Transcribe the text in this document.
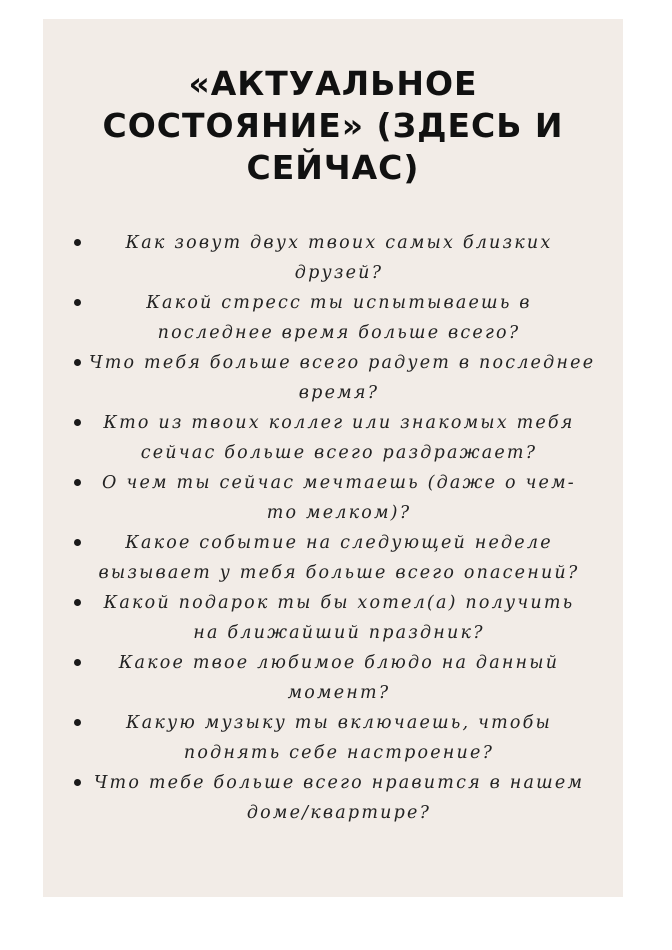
«АКТУАЛЬНОЕ
СОСТОЯНИЕ» (ЗДЕСЬ И
СЕЙЧАС)
Как зовут двух твоих самых близких
друзей?
Какой стресс ты испытываешь в
последнее время больше всего?
Что тебя больше всего радует в последнее
время?
Кто из твоих коллег или знакомых тебя
сейчас больше всего раздражает?
О чем ты сейчас мечтаешь (даже о чем-
то мелком)?
Какое событие на следующей неделе
вызывает у тебя больше всего опасений?
Какой подарок ты бы хотел(а) получить
на ближайший праздник?
Какое твое любимое блюдо на данный
момент?
Какую музыку ты включаешь, чтобы
поднять себе настроение?
Что тебе больше всего нравится в нашем
доме/квартире?
